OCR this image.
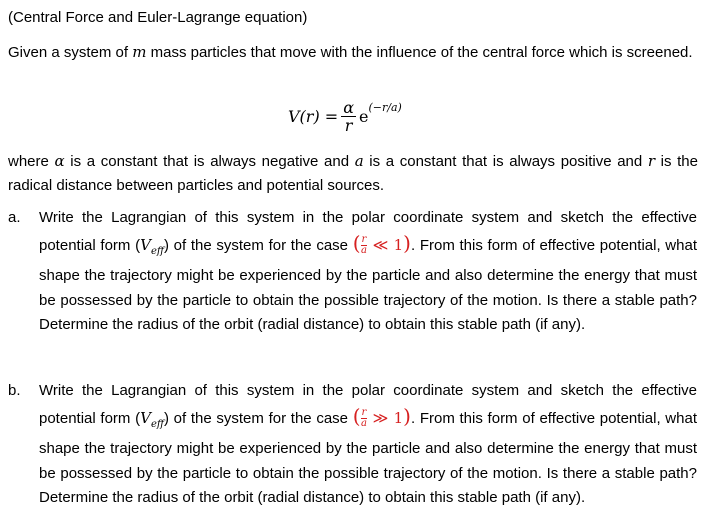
(Central Force and Euler-Lagrange equation)
Given a system of m mass particles that move with the influence of the central force which is screened.
$V(r) = \frac{\alpha}{r}$ e (−r/a)
where α is a constant that is always negative and a is a constant that is always positive and r is the radical distance between particles and potential sources.
a. Write the Lagrangian of this system in the polar coordinate system and sketch the effective potential form $(V_{eff})$ of the system for the case ( $\frac{r}{a}$ ≪ 1). From this form of effective potential, what shape the trajectory might be experienced by the particle and also determine the energy that must be possessed by the particle to obtain the possible trajectory of the motion. Is there a stable path? Determine the radius of the orbit (radial distance) to obtain this stable path (if any).
b. Write the Lagrangian of this system in the polar coordinate system and sketch the effective potential form $(V_{eff})$ of the system for the case ( $\frac{r}{a}$ ≫ 1). From this form of effective potential, what shape the trajectory might be experienced by the particle and also determine the energy that must be possessed by the particle to obtain the possible trajectory of the motion. Is there a stable path? Determine the radius of the orbit (radial distance) to obtain this stable path (if any).
